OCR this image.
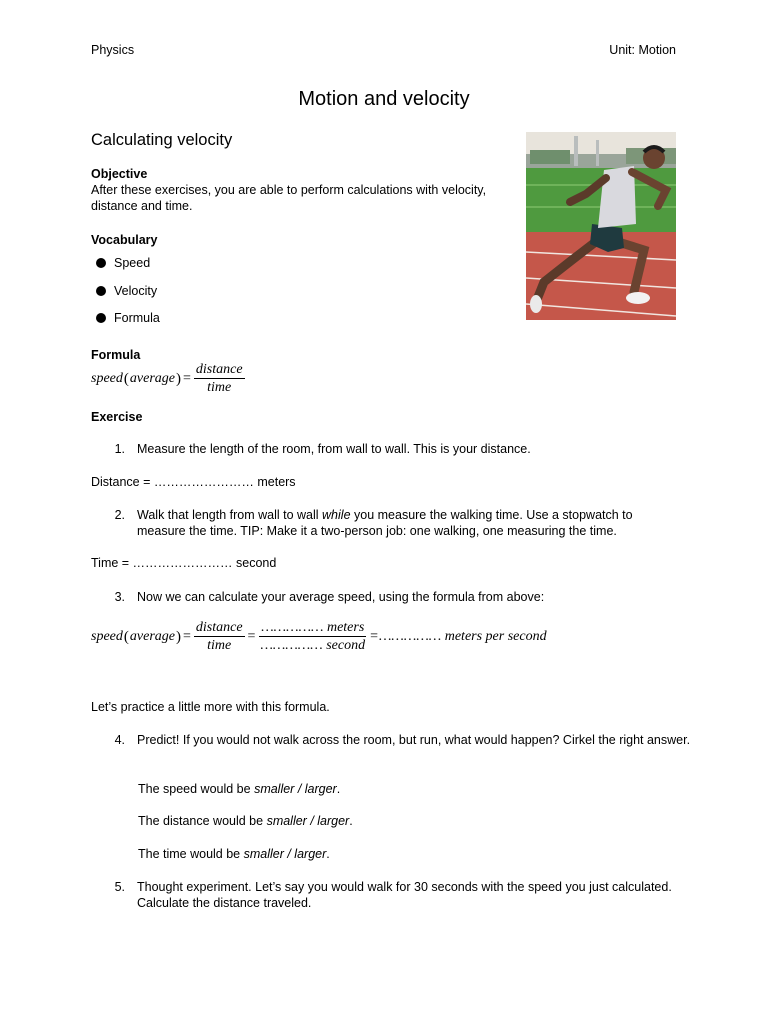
Physics	Unit: Motion
Motion and velocity
Calculating velocity
Objective
After these exercises, you are able to perform calculations with velocity, distance and time.
Vocabulary
Speed
Velocity
Formula
Formula
speed ( average ) = $\frac{\text{distance}}{\text{time}}$
Exercise
1. Measure the length of the room, from wall to wall. This is your distance.
Distance = …………………… meters
2. Walk that length from wall to wall while you measure the walking time. Use a stopwatch to measure the time. TIP: Make it a two-person job: one walking, one measuring the time.
Time = …………………… second
3. Now we can calculate your average speed, using the formula from above:
speed ( average ) = $\frac{\text{distance}}{\text{time}} = \frac{\text{…………… meters}}{\text{…………… second}}$ = …………… meters per second
Let’s practice a little more with this formula.
4. Predict! If you would not walk across the room, but run, what would happen? Cirkel the right answer.
The speed would be smaller / larger.
The distance would be smaller / larger.
The time would be smaller / larger.
5. Thought experiment. Let’s say you would walk for 30 seconds with the speed you just calculated. Calculate the distance traveled.
